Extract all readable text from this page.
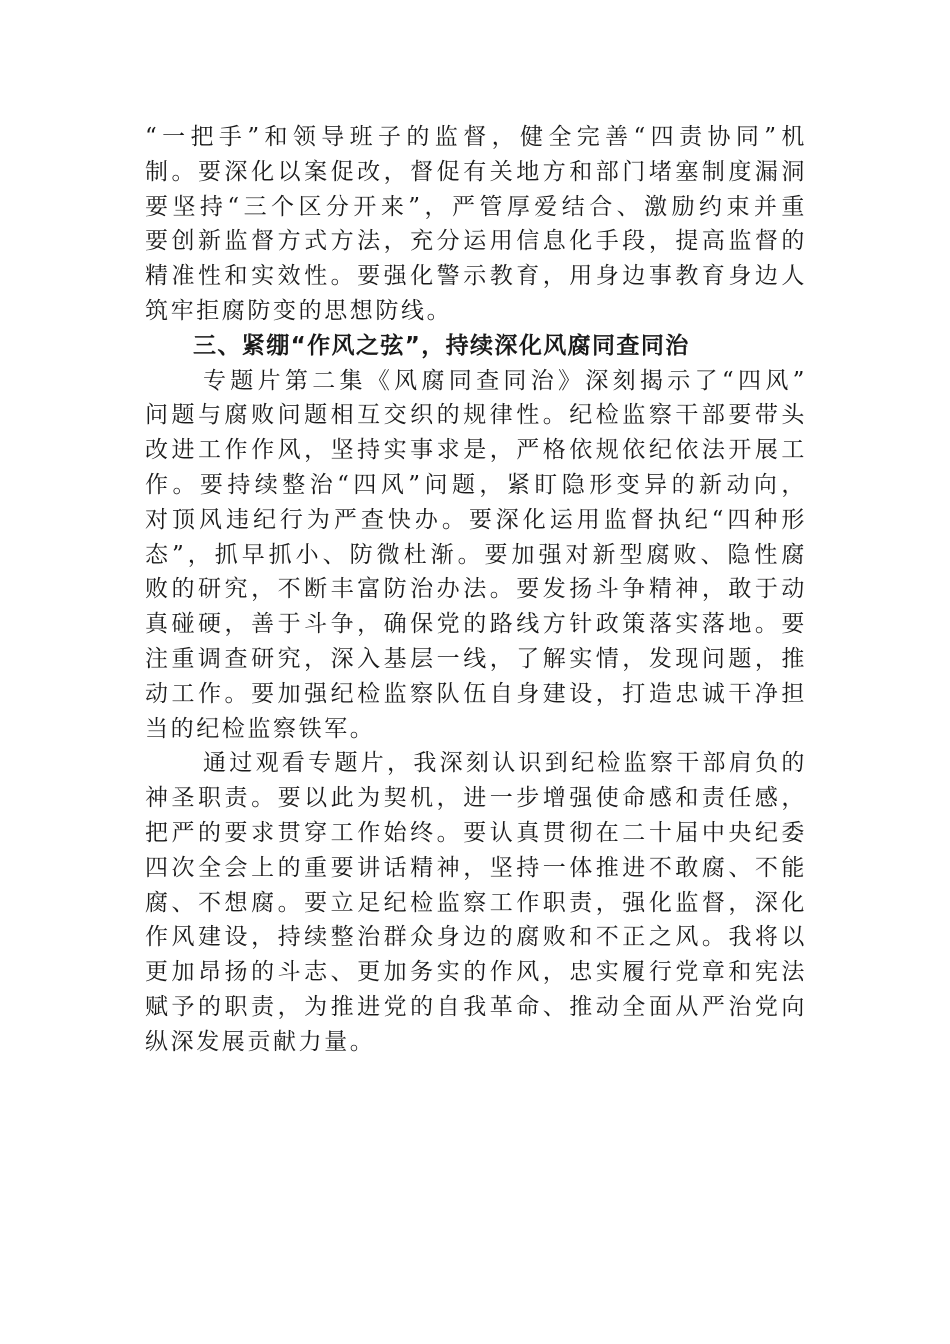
“一把手”和领导班子的监督，健全完善“四责协同”机
制。要深化以案促改，督促有关地方和部门堵塞制度漏洞
要坚持“三个区分开来”，严管厚爱结合、激励约束并重
要创新监督方式方法，充分运用信息化手段，提高监督的
精准性和实效性。要强化警示教育，用身边事教育身边人
筑牢拒腐防变的思想防线。
三、紧绷“作风之弦”，持续深化风腐同查同治
专题片第二集《风腐同查同治》深刻揭示了“四风”
问题与腐败问题相互交织的规律性。纪检监察干部要带头
改进工作作风，坚持实事求是，严格依规依纪依法开展工
作。要持续整治“四风”问题，紧盯隐形变异的新动向，
对顶风违纪行为严查快办。要深化运用监督执纪“四种形
态”，抓早抓小、防微杜渐。要加强对新型腐败、隐性腐
败的研究，不断丰富防治办法。要发扬斗争精神，敢于动
真碰硬，善于斗争，确保党的路线方针政策落实落地。要
注重调查研究，深入基层一线，了解实情，发现问题，推
动工作。要加强纪检监察队伍自身建设，打造忠诚干净担
当的纪检监察铁军。
通过观看专题片，我深刻认识到纪检监察干部肩负的
神圣职责。要以此为契机，进一步增强使命感和责任感，
把严的要求贯穿工作始终。要认真贯彻在二十届中央纪委
四次全会上的重要讲话精神，坚持一体推进不敢腐、不能
腐、不想腐。要立足纪检监察工作职责，强化监督，深化
作风建设，持续整治群众身边的腐败和不正之风。我将以
更加昂扬的斗志、更加务实的作风，忠实履行党章和宪法
赋予的职责，为推进党的自我革命、推动全面从严治党向
纵深发展贡献力量。
